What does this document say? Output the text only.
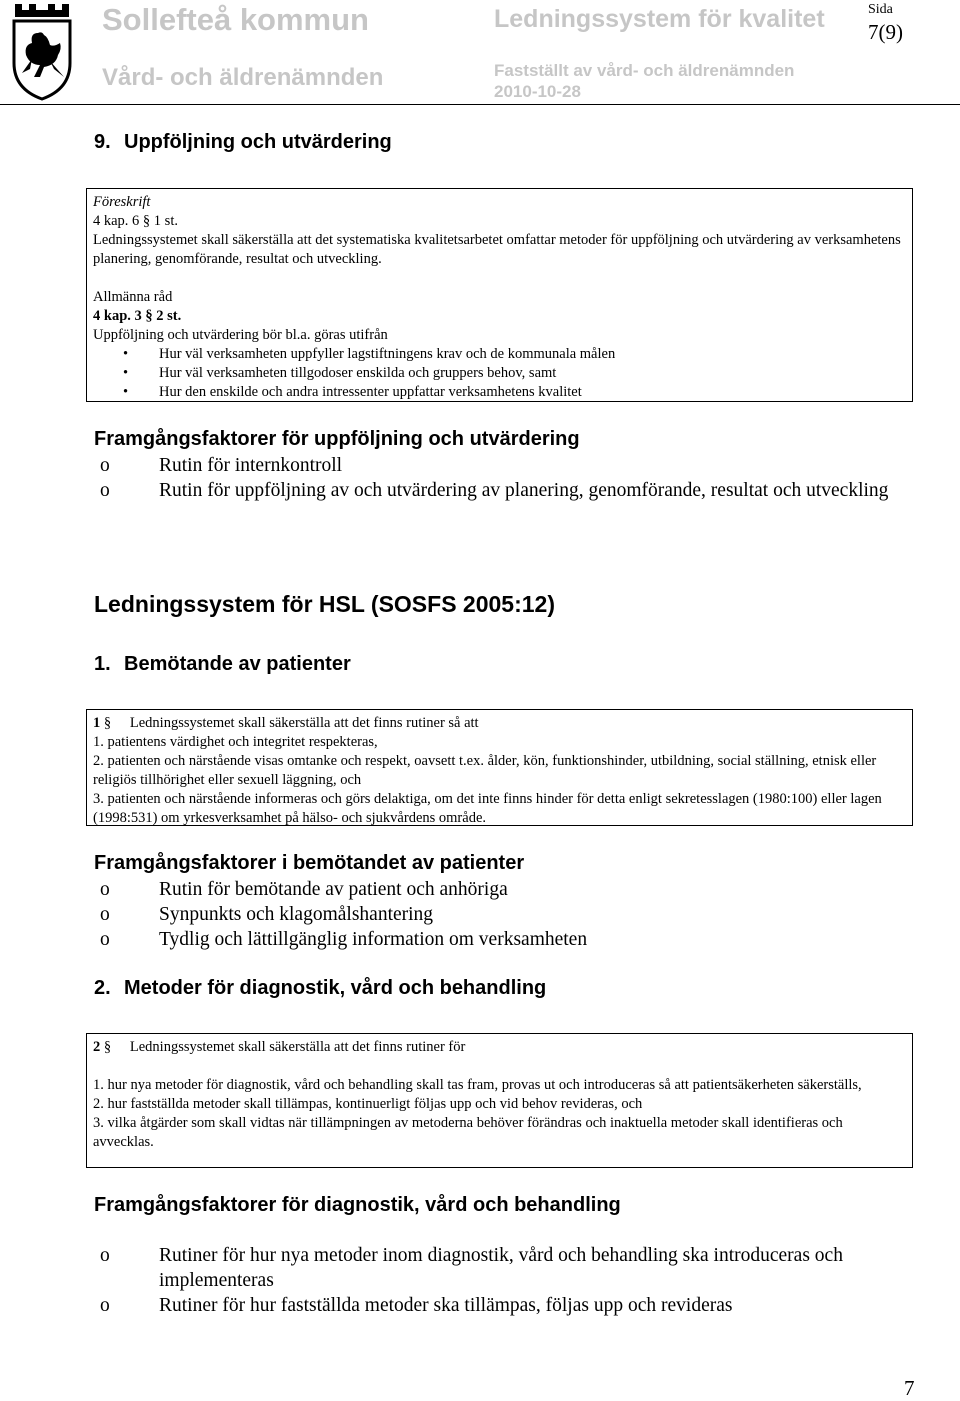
Sollefteå kommun
Vård- och äldrenämnden
Ledningssystem för kvalitet
Fastställt av vård- och äldrenämnden
2010-10-28
Sida
7(9)
9. Uppföljning och utvärdering

Föreskrift

4 kap. 6 § 1 st.

Ledningssystemet skall säkerställa att det systematiska kvalitetsarbetet omfattar metoder för uppföljning och utvärdering av verksamhetens planering, genomförande, resultat och utveckling.

Allmänna råd

4 kap. 3 § 2 st.

Uppföljning och utvärdering bör bl.a. göras utifrån

• Hur väl verksamheten uppfyller lagstiftningens krav och de kommunala målen
• Hur väl verksamheten tillgodoser enskilda och gruppers behov, samt
• Hur den enskilde och andra intressenter uppfattar verksamhetens kvalitet
Framgångsfaktorer för uppföljning och utvärdering
o	Rutin för internkontroll
o	Rutin för uppföljning av och utvärdering av planering, genomförande, resultat och utveckling
Ledningssystem för HSL (SOSFS 2005:12)
1. Bemötande av patienter

1 § Ledningssystemet skall säkerställa att det finns rutiner så att

1. patientens värdighet och integritet respekteras,

2. patienten och närstående visas omtanke och respekt, oavsett t.ex. ålder, kön, funktionshinder, utbildning, social ställning, etnisk eller religiös tillhörighet eller sexuell läggning, och

3. patienten och närstående informeras och görs delaktiga, om det inte finns hinder för detta enligt sekretesslagen (1980:100) eller lagen (1998:531) om yrkesverksamhet på hälso- och sjukvårdens område.

Framgångsfaktorer i bemötandet av patienter
o	Rutin för bemötande av patient och anhöriga
o	Synpunkts och klagomålshantering
o	Tydlig och lättillgänglig information om verksamheten
2. Metoder för diagnostik, vård och behandling

2 § Ledningssystemet skall säkerställa att det finns rutiner för

1. hur nya metoder för diagnostik, vård och behandling skall tas fram, provas ut och introduceras så att patientsäkerheten säkerställs,

2. hur fastställda metoder skall tillämpas, kontinuerligt följas upp och vid behov revideras, och

3. vilka åtgärder som skall vidtas när tillämpningen av metoderna behöver förändras och inaktuella metoder skall identifieras och avvecklas.

Framgångsfaktorer för diagnostik, vård och behandling
o	Rutiner för hur nya metoder inom diagnostik, vård och behandling ska introduceras och implementeras
o	Rutiner för hur fastställda metoder ska tillämpas, följas upp och revideras
7
